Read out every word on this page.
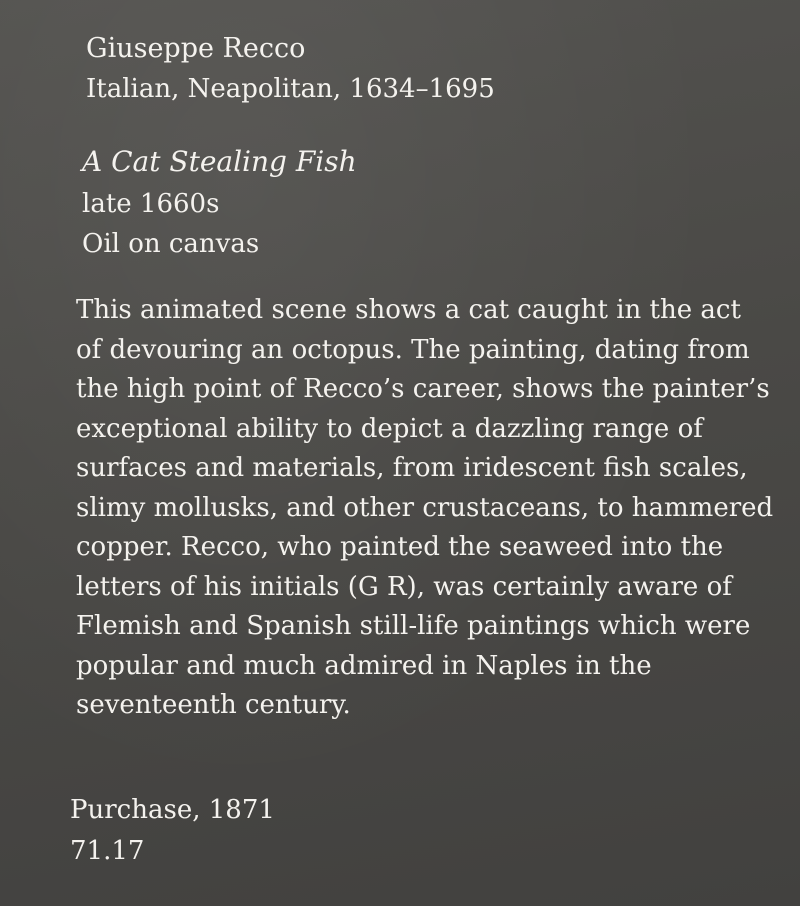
Giuseppe Recco
Italian, Neapolitan, 1634–1695
A Cat Stealing Fish
late 1660s
Oil on canvas
This animated scene shows a cat caught in the act
of devouring an octopus. The painting, dating from
the high point of Recco’s career, shows the painter’s
exceptional ability to depict a dazzling range of
surfaces and materials, from iridescent fish scales,
slimy mollusks, and other crustaceans, to hammered
copper. Recco, who painted the seaweed into the
letters of his initials (G R), was certainly aware of
Flemish and Spanish still-life paintings which were
popular and much admired in Naples in the
seventeenth century.
Purchase, 1871
71.17
